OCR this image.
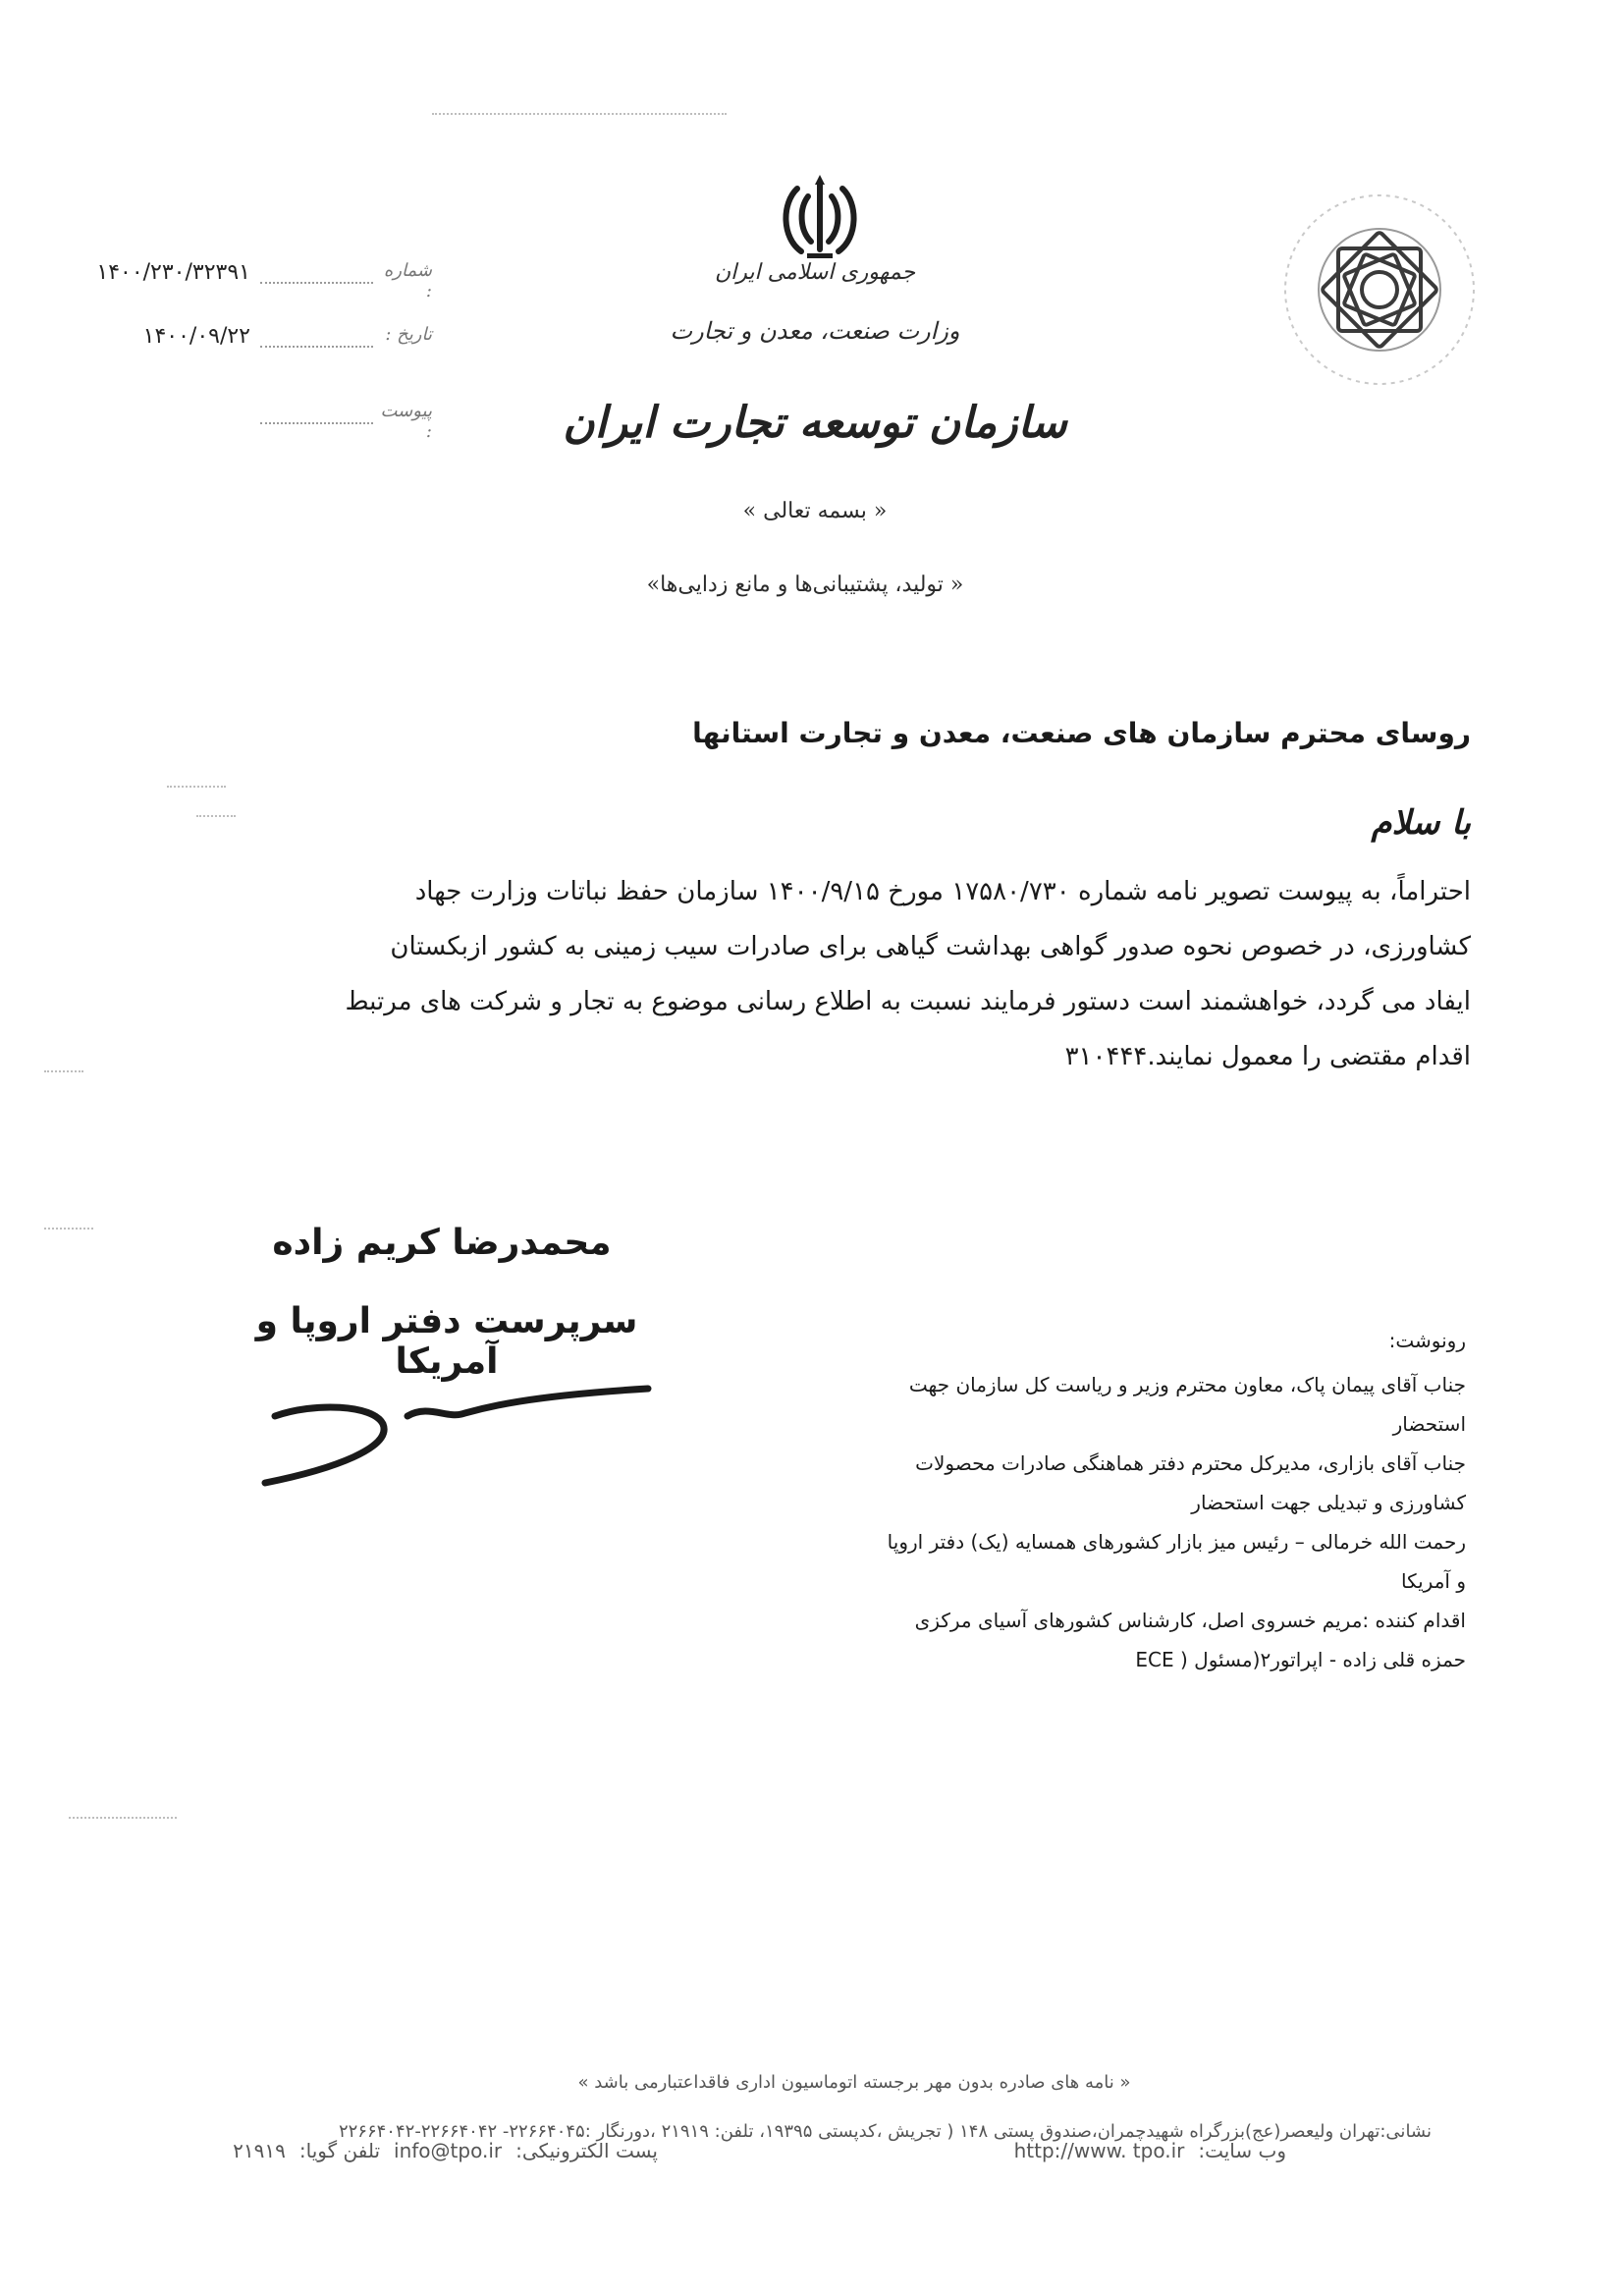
جمهوری اسلامی ایران
وزارت صنعت، معدن و تجارت
سازمان توسعه تجارت ایران
« بسمه تعالی »
« تولید، پشتیبانی‌ها و مانع زدایی‌ها»
۱۴۰۰/۲۳۰/۳۲۳۹۱	شماره :
۱۴۰۰/۰۹/۲۲	تاریخ :
پیوست :
روسای محترم سازمان های صنعت، معدن و تجارت استانها
با سلام

احتراماً، به پیوست تصویر نامه شماره ۱۷۵۸۰/۷۳۰ مورخ ۱۴۰۰/۹/۱۵ سازمان حفظ نباتات وزارت جهاد

کشاورزی، در خصوص نحوه صدور گواهی بهداشت گیاهی برای صادرات سیب زمینی به کشور ازبکستان

ایفاد می گردد، خواهشمند است دستور فرمایند نسبت به اطلاع رسانی موضوع به تجار و شرکت های مرتبط

اقدام مقتضی را معمول نمایند.۳۱۰۴۴۴

محمدرضا کریم زاده
سرپرست دفتر اروپا و آمریکا
رونوشت:
جناب آقای پیمان پاک، معاون محترم وزیر و ریاست کل سازمان جهت
استحضار
جناب آقای بازاری، مدیرکل محترم دفتر هماهنگی صادرات محصولات
کشاورزی و تبدیلی جهت استحضار
رحمت الله خرمالی – رئیس میز بازار کشورهای همسایه (یک) دفتر اروپا
و آمریکا
اقدام کننده :مریم خسروی اصل، کارشناس کشورهای آسیای مرکزی
حمزه قلی زاده - اپراتور۲(مسئول ( ECE
« نامه های صادره بدون مهر برجسته اتوماسیون اداری فاقداعتبارمی باشد »
نشانی:تهران ولیعصر(عج)بزرگراه شهیدچمران،صندوق پستی ۱۴۸ ( تجریش ،کدپستی ۱۹۳۹۵، تلفن: ۲۱۹۱۹ ،دورنگار :۲۲۶۶۴۰۴۵- ۲۲۶۶۴۰۴۲-۲۲۶۶۴۰۴۲
وب سایت:
http://www. tpo.ir
پست الکترونیکی:
info@tpo.ir
تلفن گویا:
۲۱۹۱۹
